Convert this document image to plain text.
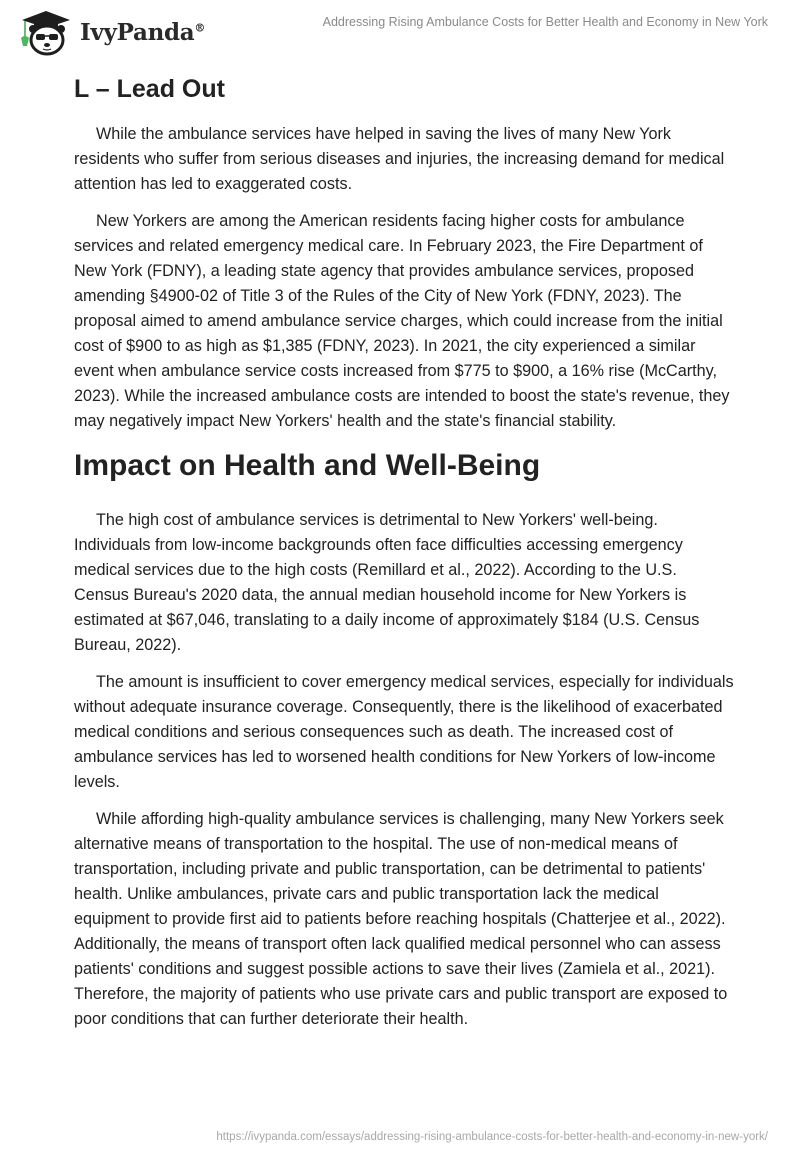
IvyPanda®	Addressing Rising Ambulance Costs for Better Health and Economy in New York
L – Lead Out

While the ambulance services have helped in saving the lives of many New York residents who suffer from serious diseases and injuries, the increasing demand for medical attention has led to exaggerated costs.

New Yorkers are among the American residents facing higher costs for ambulance services and related emergency medical care. In February 2023, the Fire Department of New York (FDNY), a leading state agency that provides ambulance services, proposed amending §4900-02 of Title 3 of the Rules of the City of New York (FDNY, 2023). The proposal aimed to amend ambulance service charges, which could increase from the initial cost of $900 to as high as $1,385 (FDNY, 2023). In 2021, the city experienced a similar event when ambulance service costs increased from $775 to $900, a 16% rise (McCarthy, 2023). While the increased ambulance costs are intended to boost the state's revenue, they may negatively impact New Yorkers' health and the state's financial stability.

Impact on Health and Well-Being

The high cost of ambulance services is detrimental to New Yorkers' well-being. Individuals from low-income backgrounds often face difficulties accessing emergency medical services due to the high costs (Remillard et al., 2022). According to the U.S. Census Bureau's 2020 data, the annual median household income for New Yorkers is estimated at $67,046, translating to a daily income of approximately $184 (U.S. Census Bureau, 2022).

The amount is insufficient to cover emergency medical services, especially for individuals without adequate insurance coverage. Consequently, there is the likelihood of exacerbated medical conditions and serious consequences such as death. The increased cost of ambulance services has led to worsened health conditions for New Yorkers of low-income levels.

While affording high-quality ambulance services is challenging, many New Yorkers seek alternative means of transportation to the hospital. The use of non-medical means of transportation, including private and public transportation, can be detrimental to patients' health. Unlike ambulances, private cars and public transportation lack the medical equipment to provide first aid to patients before reaching hospitals (Chatterjee et al., 2022). Additionally, the means of transport often lack qualified medical personnel who can assess patients' conditions and suggest possible actions to save their lives (Zamiela et al., 2021). Therefore, the majority of patients who use private cars and public transport are exposed to poor conditions that can further deteriorate their health.

https://ivypanda.com/essays/addressing-rising-ambulance-costs-for-better-health-and-economy-in-new-york/
